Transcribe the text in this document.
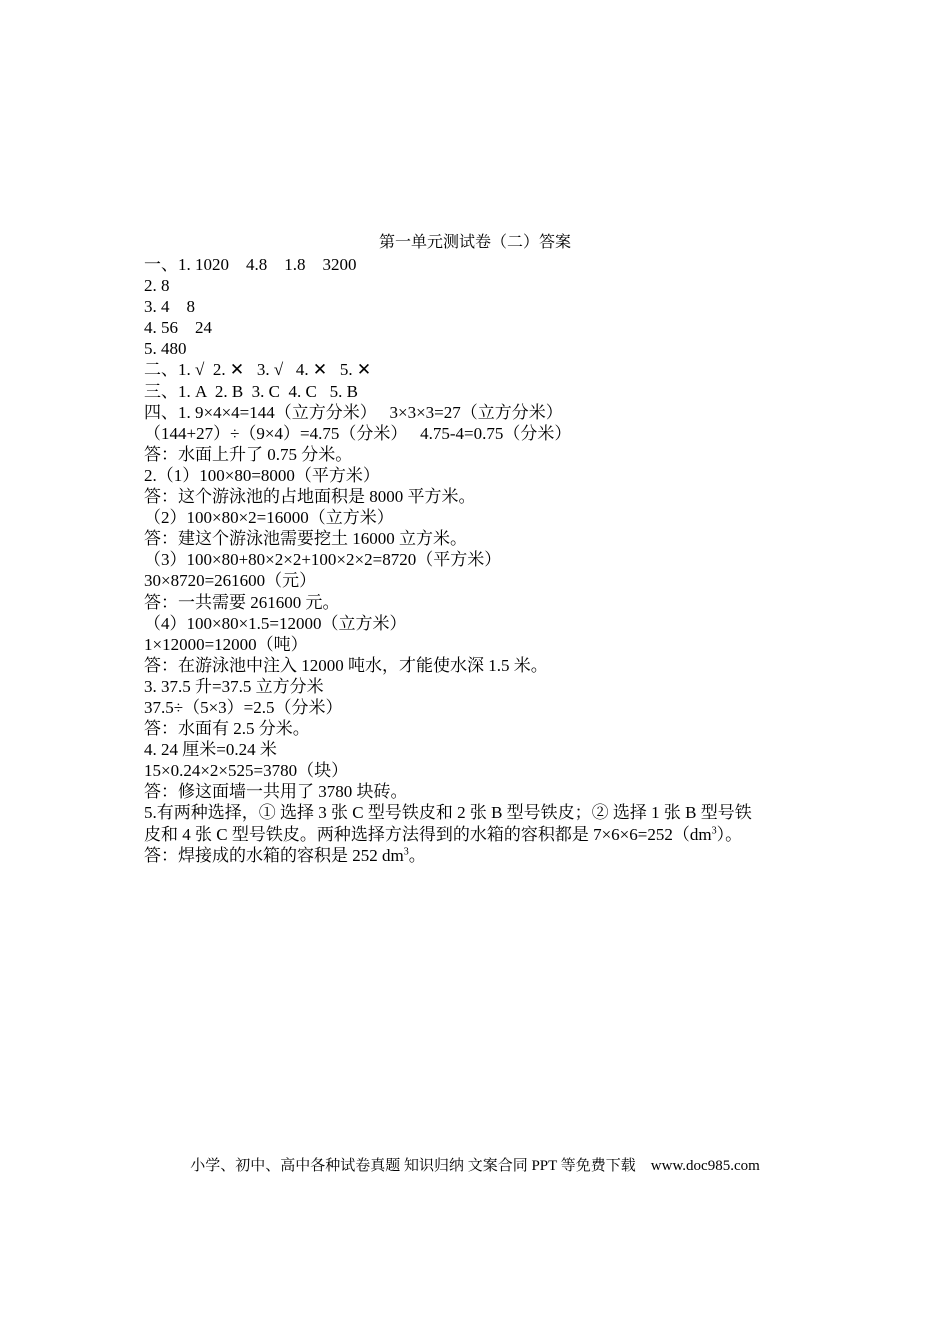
第一单元测试卷（二）答案
一、1. 1020    4.8    1.8    3200
2. 8
3. 4    8
4. 56    24
5. 480
二、1. √  2. ✕   3. √   4. ✕   5. ✕
三、1. A  2. B  3. C  4. C   5. B
四、1. 9×4×4=144（立方分米）   3×3×3=27（立方分米）
（144+27）÷（9×4）=4.75（分米）   4.75-4=0.75（分米）
答：水面上升了 0.75 分米。
2.（1）100×80=8000（平方米）
答：这个游泳池的占地面积是 8000 平方米。
（2）100×80×2=16000（立方米）
答：建这个游泳池需要挖土 16000 立方米。
（3）100×80+80×2×2+100×2×2=8720（平方米）
30×8720=261600（元）
答：一共需要 261600 元。
（4）100×80×1.5=12000（立方米）
1×12000=12000（吨）
答：在游泳池中注入 12000 吨水，才能使水深 1.5 米。
3. 37.5 升=37.5 立方分米
37.5÷（5×3）=2.5（分米）
答：水面有 2.5 分米。
4. 24 厘米=0.24 米
15×0.24×2×525=3780（块）
答：修这面墙一共用了 3780 块砖。
5.有两种选择，① 选择 3 张 C 型号铁皮和 2 张 B 型号铁皮；② 选择 1 张 B 型号铁
皮和 4 张 C 型号铁皮。两种选择方法得到的水箱的容积都是 $7\times 6\times 6=252(dm^3)$。
答：焊接成的水箱的容积是 252 $dm^3$。
小学、初中、高中各种试卷真题 知识归纳 文案合同 PPT 等免费下载    www.doc985.com
